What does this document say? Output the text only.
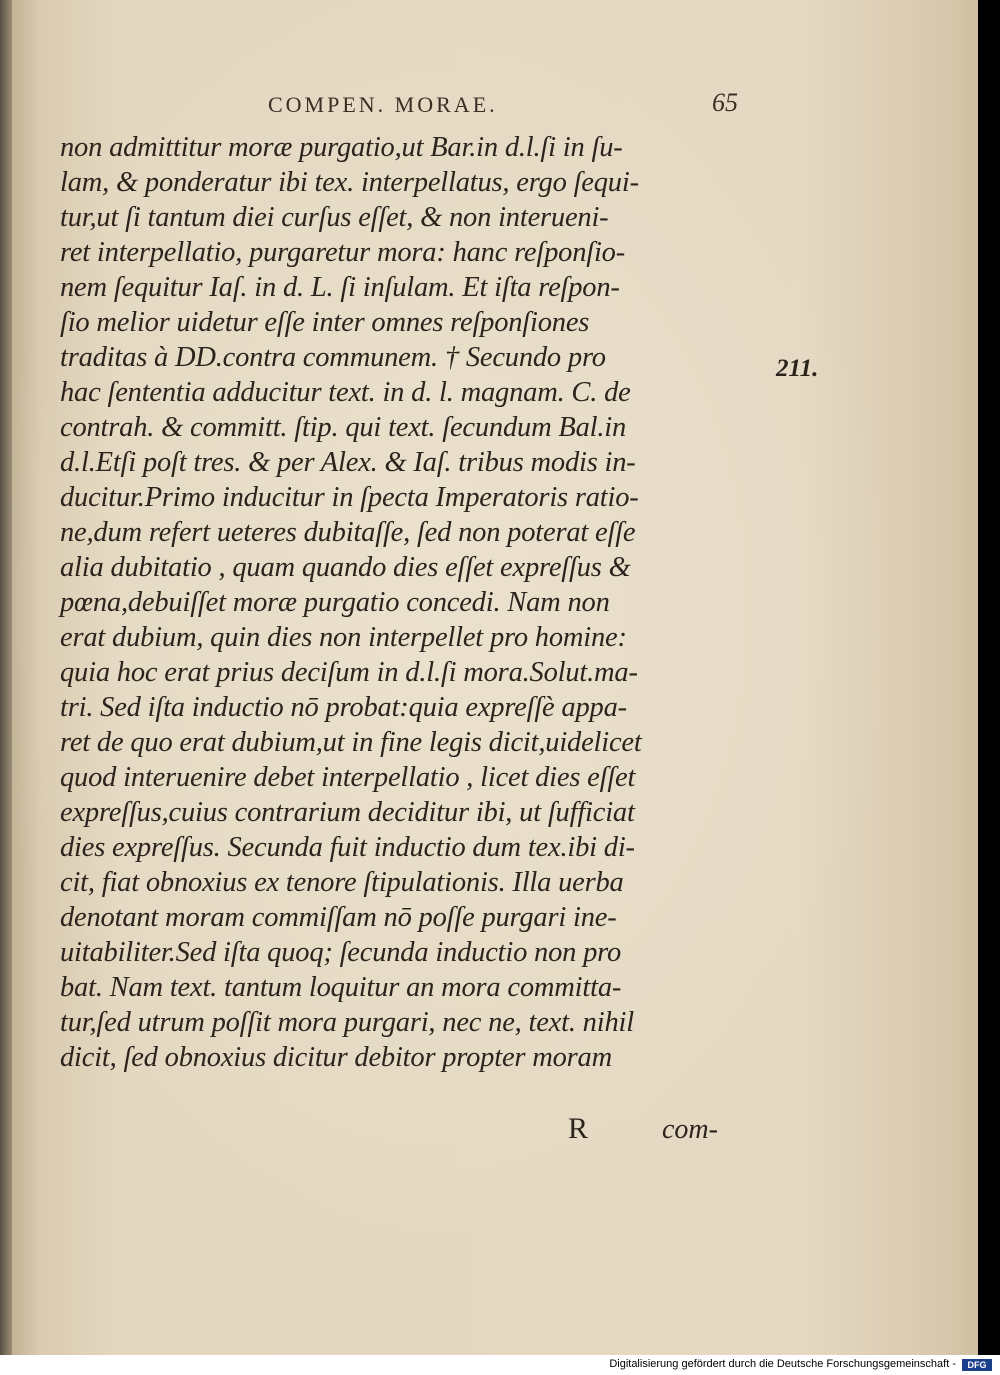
COMPEN. MORAE.	65
non admittitur moræ purgatio,ut Bar.in d.l.ſi in ſu-
lam, & ponderatur ibi tex. interpellatus, ergo ſequi-
tur,ut ſi tantum diei curſus eſſet, & non interueni-
ret interpellatio, purgaretur mora: hanc reſponſio-
nem ſequitur Iaſ. in d. L. ſi inſulam. Et iſta reſpon-
ſio melior uidetur eſſe inter omnes reſponſiones
traditas à DD.contra communem. † Secundo pro
hac ſententia adducitur text. in d. l. magnam. C. de
contrah. & committ. ſtip. qui text. ſecundum Bal.in
d.l.Etſi poſt tres. & per Alex. & Iaſ. tribus modis in-
ducitur.Primo inducitur in ſpecta Imperatoris ratio-
ne,dum refert ueteres dubitaſſe, ſed non poterat eſſe
alia dubitatio , quam quando dies eſſet expreſſus &
pœna,debuiſſet moræ purgatio concedi. Nam non
erat dubium, quin dies non interpellet pro homine:
quia hoc erat prius deciſum in d.l.ſi mora.Solut.ma-
tri. Sed iſta inductio nō probat:quia expreſſè appa-
ret de quo erat dubium,ut in fine legis dicit,uidelicet
quod interuenire debet interpellatio , licet dies eſſet
expreſſus,cuius contrarium deciditur ibi, ut ſufficiat
dies expreſſus. Secunda fuit inductio dum tex.ibi di-
cit, fiat obnoxius ex tenore ſtipulationis. Illa uerba
denotant moram commiſſam nō poſſe purgari ine-
uitabiliter.Sed iſta quoq; ſecunda inductio non pro
bat. Nam text. tantum loquitur an mora committa-
tur,ſed utrum poſſit mora purgari, nec ne, text. nihil
dicit, ſed obnoxius dicitur debitor propter moram
211.
R	com-
Digitalisierung gefördert durch die Deutsche Forschungsgemeinschaft -	DFG
